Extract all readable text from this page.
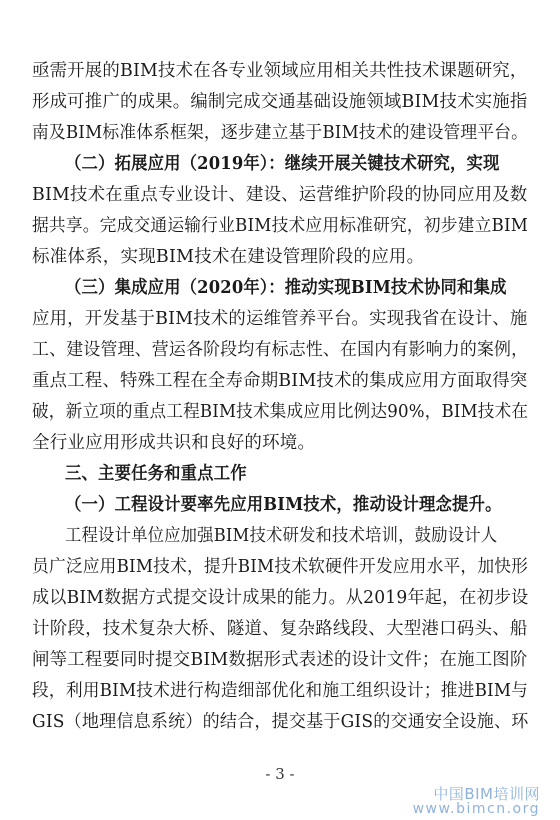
亟需开展的BIM技术在各专业领域应用相关共性技术课题研究，
形成可推广的成果。编制完成交通基础设施领域BIM技术实施指
南及BIM标准体系框架，逐步建立基于BIM技术的建设管理平台。
（二）拓展应用（2019年）：继续开展关键技术研究，实现
BIM技术在重点专业设计、建设、运营维护阶段的协同应用及数
据共享。完成交通运输行业BIM技术应用标准研究，初步建立BIM
标准体系，实现BIM技术在建设管理阶段的应用。
（三）集成应用（2020年）：推动实现BIM技术协同和集成
应用，开发基于BIM技术的运维管养平台。实现我省在设计、施
工、建设管理、营运各阶段均有标志性、在国内有影响力的案例，
重点工程、特殊工程在全寿命期BIM技术的集成应用方面取得突
破，新立项的重点工程BIM技术集成应用比例达90%，BIM技术在
全行业应用形成共识和良好的环境。
三、主要任务和重点工作
（一）工程设计要率先应用BIM技术，推动设计理念提升。
工程设计单位应加强BIM技术研发和技术培训，鼓励设计人
员广泛应用BIM技术，提升BIM技术软硬件开发应用水平，加快形
成以BIM数据方式提交设计成果的能力。从2019年起，在初步设
计阶段，技术复杂大桥、隧道、复杂路线段、大型港口码头、船
闸等工程要同时提交BIM数据形式表述的设计文件；在施工图阶
段，利用BIM技术进行构造细部优化和施工组织设计；推进BIM与
GIS（地理信息系统）的结合，提交基于GIS的交通安全设施、环
- 3 -
中国BIM培训网
www.bimcn.org
